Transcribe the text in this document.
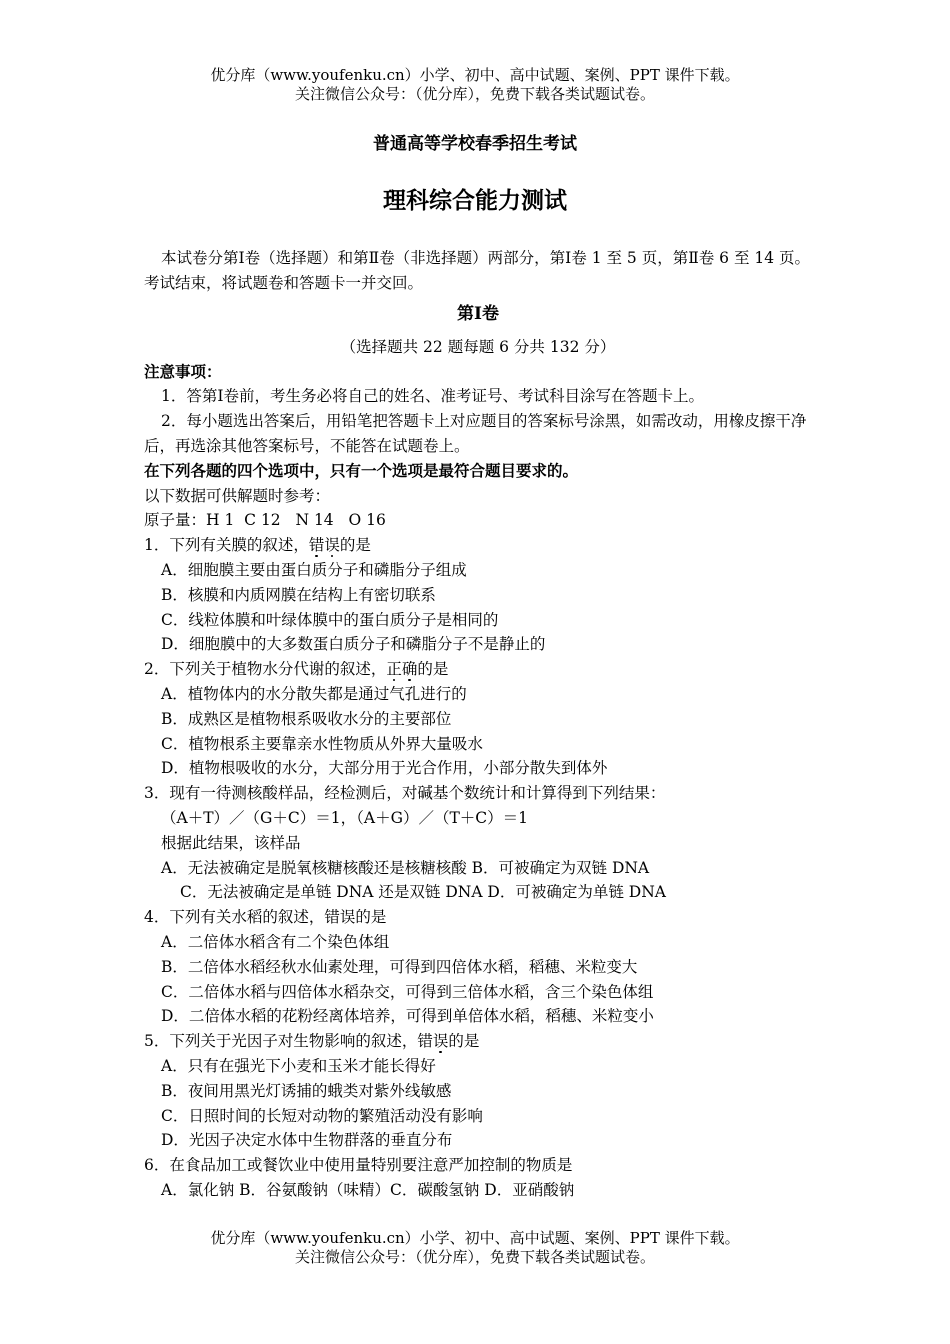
优分库（www.youfenku.cn）小学、初中、高中试题、案例、PPT 课件下载。
关注微信公众号：（优分库），免费下载各类试题试卷。
普通高等学校春季招生考试
理科综合能力测试
本试卷分第Ⅰ卷（选择题）和第Ⅱ卷（非选择题）两部分，第Ⅰ卷 1 至 5 页，第Ⅱ卷 6 至 14 页。考试结束，将试题卷和答题卡一并交回。
第Ⅰ卷
（选择题共 22 题每题 6 分共 132 分）
注意事项：
1．答第Ⅰ卷前，考生务必将自己的姓名、准考证号、考试科目涂写在答题卡上。
2．每小题选出答案后，用铅笔把答题卡上对应题目的答案标号涂黑，如需改动，用橡皮擦干净后，再选涂其他答案标号，不能答在试题卷上。
在下列各题的四个选项中，只有一个选项是最符合题目要求的。
以下数据可供解题时参考：
原子量：H 1  C 12   N 14   O 16
1．下列有关膜的叙述，错误的是
A．细胞膜主要由蛋白质分子和磷脂分子组成
B．核膜和内质网膜在结构上有密切联系
C．线粒体膜和叶绿体膜中的蛋白质分子是相同的
D．细胞膜中的大多数蛋白质分子和磷脂分子不是静止的
2．下列关于植物水分代谢的叙述，正确的是
A．植物体内的水分散失都是通过气孔进行的
B．成熟区是植物根系吸收水分的主要部位
C．植物根系主要靠亲水性物质从外界大量吸水
D．植物根吸收的水分，大部分用于光合作用，小部分散失到体外
3．现有一待测核酸样品，经检测后，对碱基个数统计和计算得到下列结果：
（A＋T）／（G＋C）＝1，（A＋G）／（T＋C）＝1
根据此结果，该样品
A．无法被确定是脱氧核糖核酸还是核糖核酸 B．可被确定为双链 DNA
C．无法被确定是单链 DNA 还是双链 DNA D．可被确定为单链 DNA
4．下列有关水稻的叙述，错误的是
A．二倍体水稻含有二个染色体组
B．二倍体水稻经秋水仙素处理，可得到四倍体水稻，稻穗、米粒变大
C．二倍体水稻与四倍体水稻杂交，可得到三倍体水稻，含三个染色体组
D．二倍体水稻的花粉经离体培养，可得到单倍体水稻，稻穗、米粒变小
5．下列关于光因子对生物影响的叙述，错误的是
A．只有在强光下小麦和玉米才能长得好
B．夜间用黑光灯诱捕的蛾类对紫外线敏感
C．日照时间的长短对动物的繁殖活动没有影响
D．光因子决定水体中生物群落的垂直分布
6．在食品加工或餐饮业中使用量特别要注意严加控制的物质是
A．氯化钠 B．谷氨酸钠（味精）C．碳酸氢钠 D．亚硝酸钠
优分库（www.youfenku.cn）小学、初中、高中试题、案例、PPT 课件下载。
关注微信公众号：（优分库），免费下载各类试题试卷。
